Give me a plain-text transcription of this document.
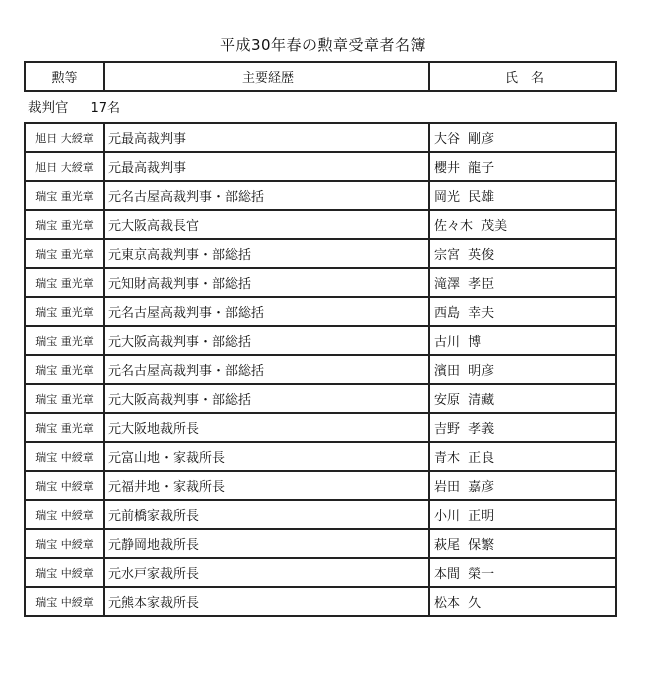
平成30年春の勲章受章者名簿
勲等	主要経歴	氏　名
裁判官 17名
旭日 大綬章	元最高裁判事	大谷 剛彦
旭日 大綬章	元最高裁判事	櫻井 龍子
瑞宝 重光章	元名古屋高裁判事・部総括	岡光 民雄
瑞宝 重光章	元大阪高裁長官	佐々木 茂美
瑞宝 重光章	元東京高裁判事・部総括	宗宮 英俊
瑞宝 重光章	元知財高裁判事・部総括	滝澤 孝臣
瑞宝 重光章	元名古屋高裁判事・部総括	西島 幸夫
瑞宝 重光章	元大阪高裁判事・部総括	古川 博
瑞宝 重光章	元名古屋高裁判事・部総括	濱田 明彦
瑞宝 重光章	元大阪高裁判事・部総括	安原 清藏
瑞宝 重光章	元大阪地裁所長	吉野 孝義
瑞宝 中綬章	元富山地・家裁所長	青木 正良
瑞宝 中綬章	元福井地・家裁所長	岩田 嘉彦
瑞宝 中綬章	元前橋家裁所長	小川 正明
瑞宝 中綬章	元静岡地裁所長	萩尾 保繁
瑞宝 中綬章	元水戸家裁所長	本間 榮一
瑞宝 中綬章	元熊本家裁所長	松本 久
